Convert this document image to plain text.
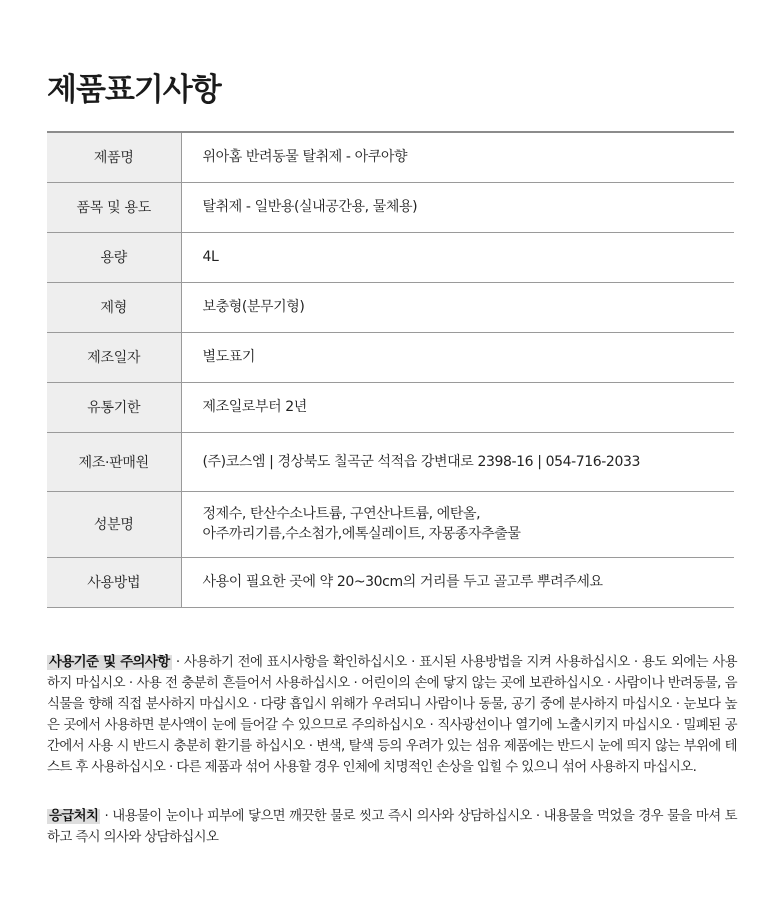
제품표기사항
제품명	위아홈 반려동물 탈취제 - 아쿠아향
품목 및 용도	탈취제 - 일반용(실내공간용, 물체용)
용량	4L
제형	보충형(분무기형)
제조일자	별도표기
유통기한	제조일로부터 2년
제조·판매원	(주)코스엠 | 경상북도 칠곡군 석적읍 강변대로 2398-16 | 054-716-2033
성분명	정제수, 탄산수소나트륨, 구연산나트륨, 에탄올,
아주까리기름,수소첨가,에톡실레이트, 자몽종자추출물

사용방법	사용이 필요한 곳에 약 20~30cm의 거리를 두고 골고루 뿌려주세요

사용기준 및 주의사항 · 사용하기 전에 표시사항을 확인하십시오 · 표시된 사용방법을 지켜 사용하십시오 · 용도 외에는 사용하지 마십시오 · 사용 전 충분히 흔들어서 사용하십시오 · 어린이의 손에 닿지 않는 곳에 보관하십시오 · 사람이나 반려동물, 음식물을 향해 직접 분사하지 마십시오 · 다량 흡입시 위해가 우려되니 사람이나 동물, 공기 중에 분사하지 마십시오 · 눈보다 높은 곳에서 사용하면 분사액이 눈에 들어갈 수 있으므로 주의하십시오 · 직사광선이나 열기에 노출시키지 마십시오 · 밀폐된 공간에서 사용 시 반드시 충분히 환기를 하십시오 · 변색, 탈색 등의 우려가 있는 섬유 제품에는 반드시 눈에 띄지 않는 부위에 테스트 후 사용하십시오 · 다른 제품과 섞어 사용할 경우 인체에 치명적인 손상을 입힐 수 있으니 섞어 사용하지 마십시오.

응급처치 · 내용물이 눈이나 피부에 닿으면 깨끗한 물로 씻고 즉시 의사와 상담하십시오 · 내용물을 먹었을 경우 물을 마셔 토하고 즉시 의사와 상담하십시오
